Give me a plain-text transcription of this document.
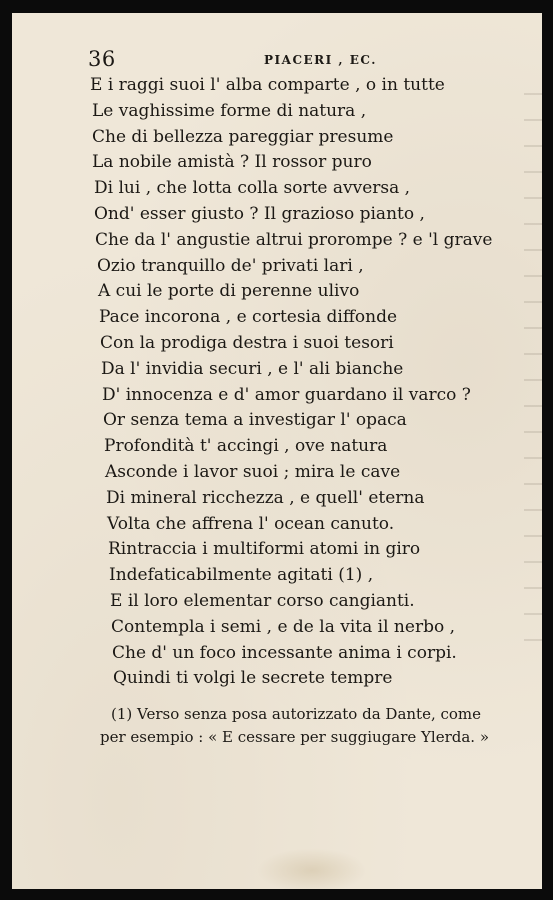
36	PIACERI , EC.
E i raggi suoi l' alba comparte , o in tutte
Le vaghissime forme di natura ,
Che di bellezza pareggiar presume
La nobile amistà ? Il rossor puro
Di lui , che lotta colla sorte avversa ,
Ond' esser giusto ? Il grazioso pianto ,
Che da l' angustie altrui prorompe ? e 'l grave
Ozio tranquillo de' privati lari ,
A cui le porte di perenne ulivo
Pace incorona , e cortesia diffonde
Con la prodiga destra i suoi tesori
Da l' invidia securi , e l' ali bianche
D' innocenza e d' amor guardano il varco ?
Or senza tema a investigar l' opaca
Profondità t' accingi , ove natura
Asconde i lavor suoi ; mira le cave
Di mineral ricchezza , e quell' eterna
Volta che affrena l' ocean canuto.
Rintraccia i multiformi atomi in giro
Indefaticabilmente agitati (1) ,
E il loro elementar corso cangianti.
Contempla i semi , e de la vita il nerbo ,
Che d' un foco incessante anima i corpi.
Quindi ti volgi le secrete tempre
(1) Verso senza posa autorizzato da Dante, come
per esempio : « E cessare per suggiugare Ylerda. »
